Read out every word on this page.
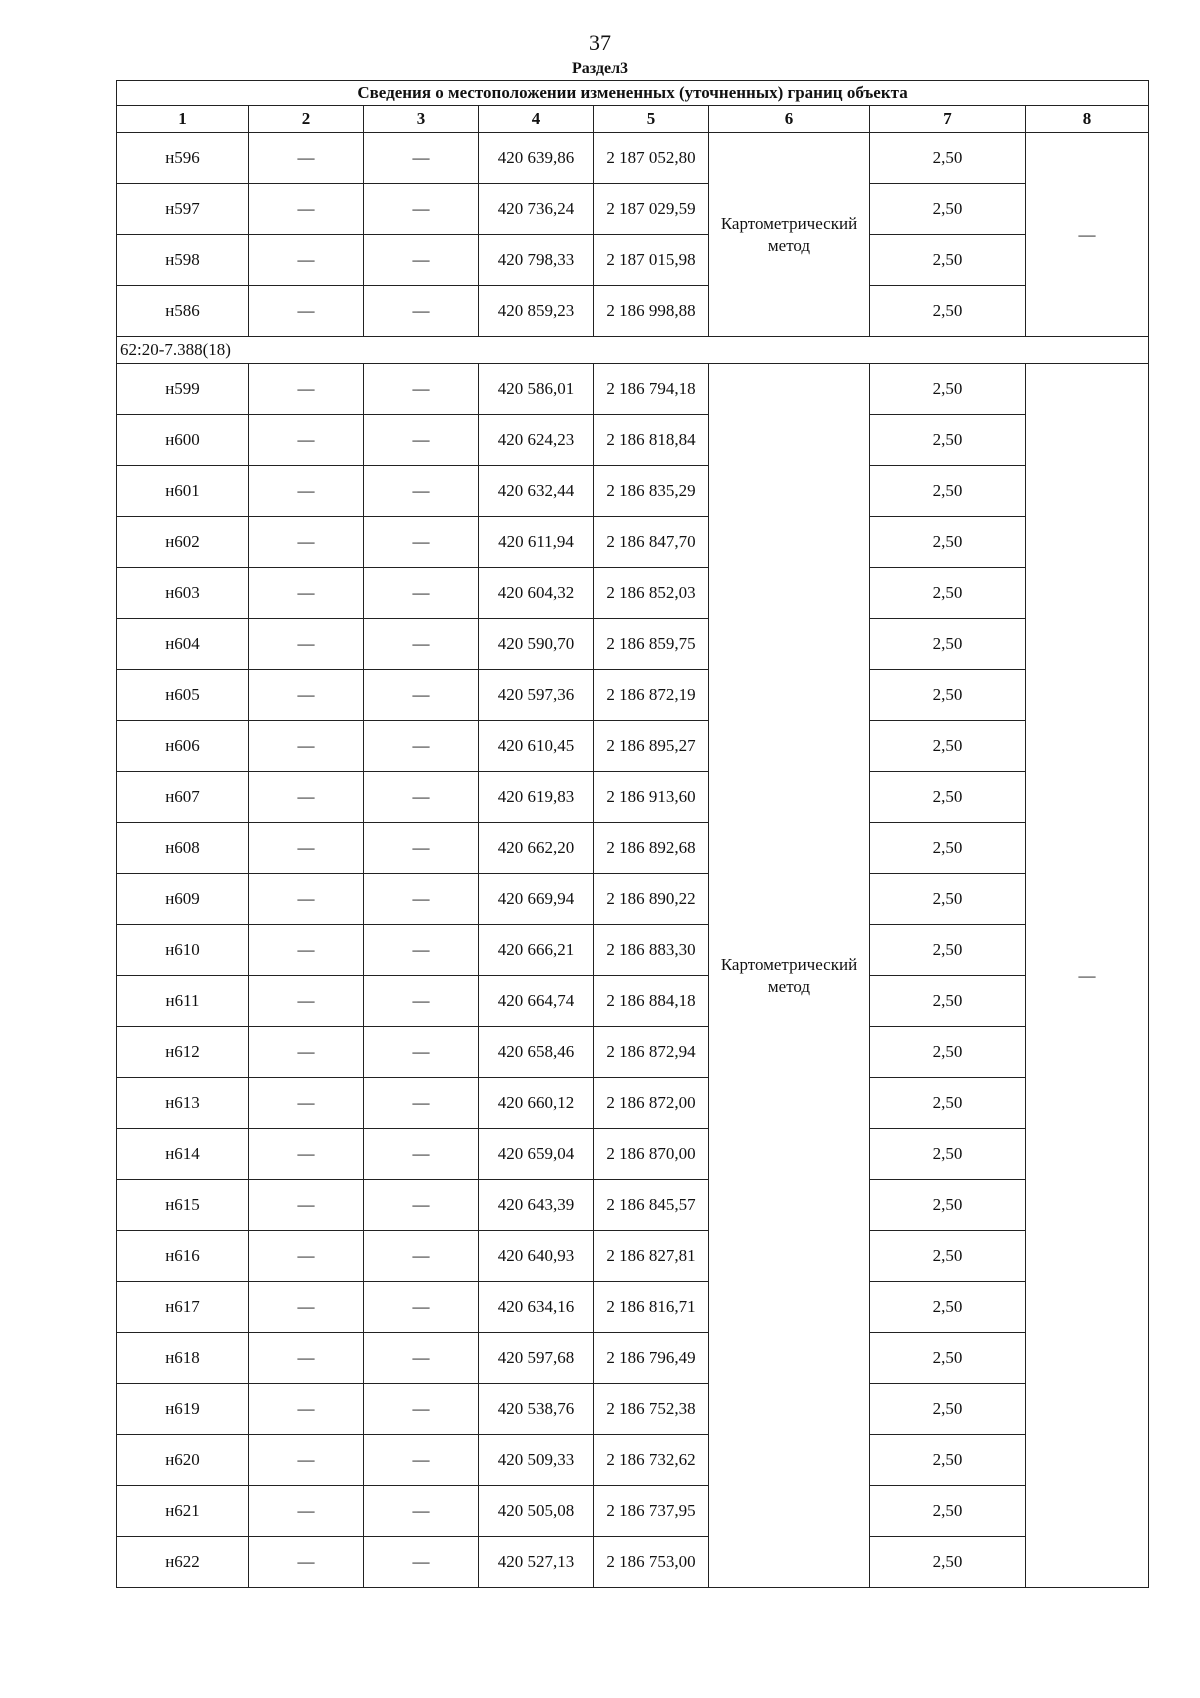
37
Раздел3
Сведения о местоположении измененных (уточненных) границ объекта							
1	2	3	4	5	6	7	8
н596	—	—	420 639,86	2 187 052,80	Картометрический метод	2,50	—
н597	—	—	420 736,24	2 187 029,59		2,50	
н598	—	—	420 798,33	2 187 015,98		2,50	
н586	—	—	420 859,23	2 186 998,88		2,50	
62:20-7.388(18)							
н599	—	—	420 586,01	2 186 794,18	Картометрический метод	2,50	—
н600	—	—	420 624,23	2 186 818,84		2,50	
н601	—	—	420 632,44	2 186 835,29		2,50	
н602	—	—	420 611,94	2 186 847,70		2,50	
н603	—	—	420 604,32	2 186 852,03		2,50	
н604	—	—	420 590,70	2 186 859,75		2,50	
н605	—	—	420 597,36	2 186 872,19		2,50	
н606	—	—	420 610,45	2 186 895,27		2,50	
н607	—	—	420 619,83	2 186 913,60		2,50	
н608	—	—	420 662,20	2 186 892,68		2,50	
н609	—	—	420 669,94	2 186 890,22		2,50	
н610	—	—	420 666,21	2 186 883,30		2,50	
н611	—	—	420 664,74	2 186 884,18		2,50	
н612	—	—	420 658,46	2 186 872,94		2,50	
н613	—	—	420 660,12	2 186 872,00		2,50	
н614	—	—	420 659,04	2 186 870,00		2,50	
н615	—	—	420 643,39	2 186 845,57		2,50	
н616	—	—	420 640,93	2 186 827,81		2,50	
н617	—	—	420 634,16	2 186 816,71		2,50	
н618	—	—	420 597,68	2 186 796,49		2,50	
н619	—	—	420 538,76	2 186 752,38		2,50	
н620	—	—	420 509,33	2 186 732,62		2,50	
н621	—	—	420 505,08	2 186 737,95		2,50	
н622	—	—	420 527,13	2 186 753,00		2,50	
